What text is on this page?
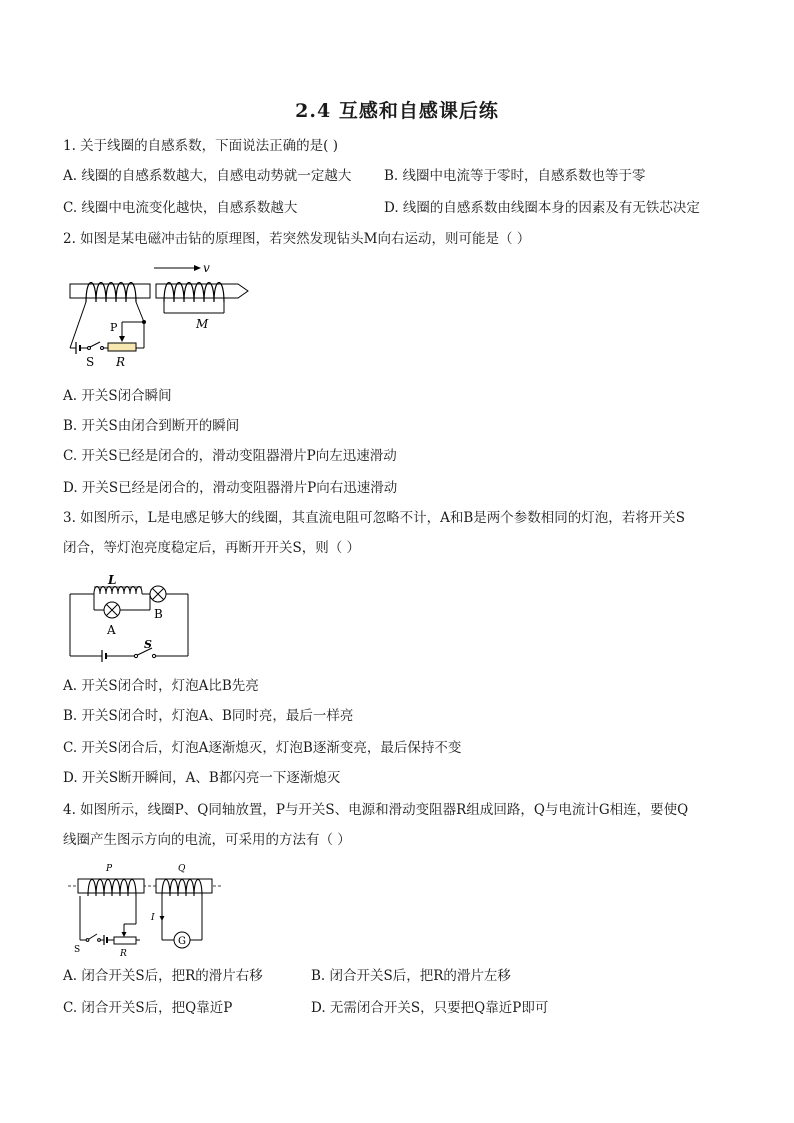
2.4 互感和自感课后练
1. 关于线圈的自感系数，下面说法正确的是( )
A. 线圈的自感系数越大，自感电动势就一定越大 B. 线圈中电流等于零时，自感系数也等于零
C. 线圈中电流变化越快，自感系数越大	D. 线圈的自感系数由线圈本身的因素及有无铁芯决定
2. 如图是某电磁冲击钻的原理图，若突然发现钻头M向右运动，则可能是（ ）
v
M
P
S R
A. 开关S闭合瞬间
B. 开关S由闭合到断开的瞬间
C. 开关S已经是闭合的，滑动变阻器滑片P向左迅速滑动
D. 开关S已经是闭合的，滑动变阻器滑片P向右迅速滑动
3. 如图所示，L是电感足够大的线圈，其直流电阻可忽略不计，A和B是两个参数相同的灯泡，若将开关S
闭合，等灯泡亮度稳定后，再断开开关S，则（ ）
L
A
B
S
A. 开关S闭合时，灯泡A比B先亮
B. 开关S闭合时，灯泡A、B同时亮，最后一样亮
C. 开关S闭合后，灯泡A逐渐熄灭，灯泡B逐渐变亮，最后保持不变
D. 开关S断开瞬间，A、B都闪亮一下逐渐熄灭
4. 如图所示，线圈P、Q同轴放置，P与开关S、电源和滑动变阻器R组成回路，Q与电流计G相连，要使Q
线圈产生图示方向的电流，可采用的方法有（ ）
P	Q
S	R
I
G
A. 闭合开关S后，把R的滑片右移	B. 闭合开关S后，把R的滑片左移
C. 闭合开关S后，把Q靠近P	D. 无需闭合开关S，只要把Q靠近P即可
